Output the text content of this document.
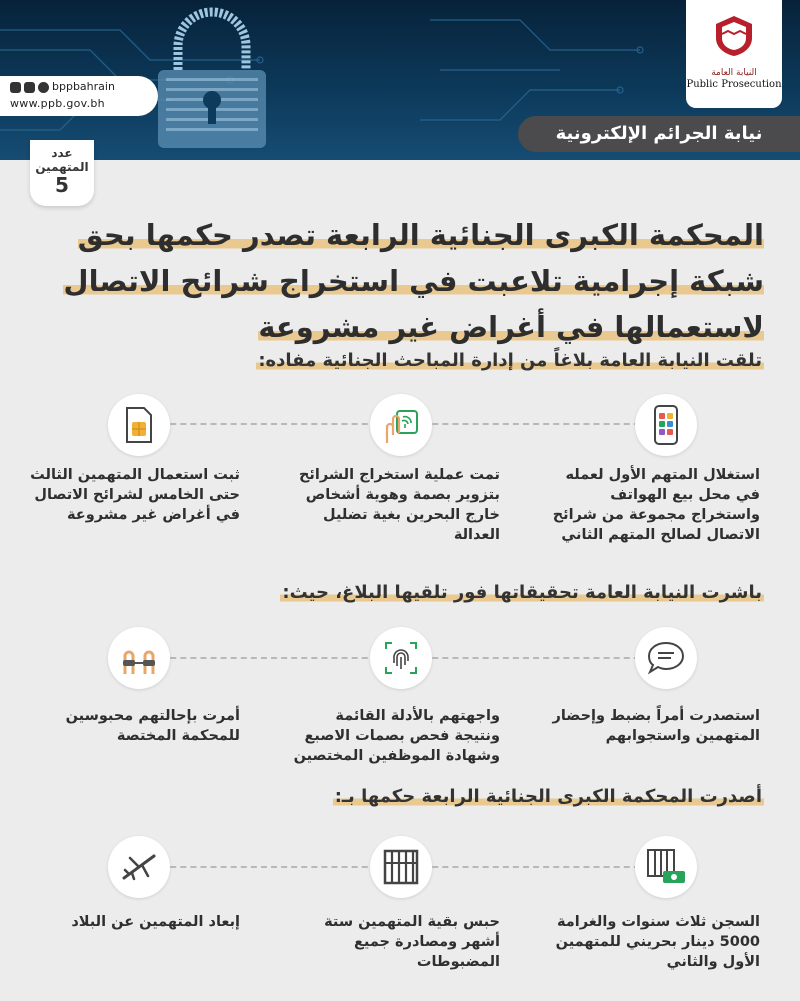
النيابة العامة
Public Prosecution
bppbahrain
www.ppb.gov.bh
نيابة الجرائم الإلكترونية
عدد المتهمين
5
المحكمة الكبرى الجنائية الرابعة تصدر حكمها بحق
شبكة إجرامية تلاعبت في استخراج شرائح الاتصال
لاستعمالها في أغراض غير مشروعة
تلقت النيابة العامة بلاغاً من إدارة المباحث الجنائية مفاده:
استغلال المتهم الأول لعمله في محل بيع الهواتف واستخراج مجموعة من شرائح الاتصال لصالح المتهم الثاني
تمت عملية استخراج الشرائح بتزوير بصمة وهوية أشخاص خارج البحرين بغية تضليل العدالة
ثبت استعمال المتهمين الثالث حتى الخامس لشرائح الاتصال في أغراض غير مشروعة
باشرت النيابة العامة تحقيقاتها فور تلقيها البلاغ، حيث:
استصدرت أمراً بضبط وإحضار المتهمين واستجوابهم
واجهتهم بالأدلة القائمة ونتيجة فحص بصمات الاصبع وشهادة الموظفين المختصين
أمرت بإحالتهم محبوسين للمحكمة المختصة
أصدرت المحكمة الكبرى الجنائية الرابعة حكمها بـ:
السجن ثلاث سنوات والغرامة 5000 دينار بحريني للمتهمين الأول والثاني
حبس بقية المتهمين ستة أشهر ومصادرة جميع المضبوطات
إبعاد المتهمين عن البلاد
